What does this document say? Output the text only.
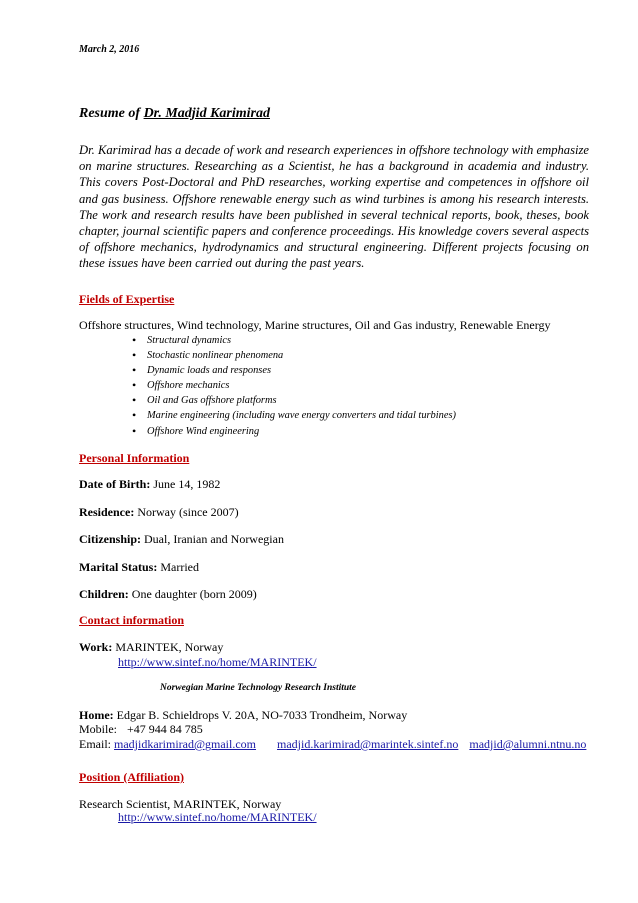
March 2, 2016
Resume of Dr. Madjid Karimirad
Dr. Karimirad has a decade of work and research experiences in offshore technology with emphasize on marine structures. Researching as a Scientist, he has a background in academia and industry. This covers Post-Doctoral and PhD researches, working expertise and competences in offshore oil and gas business. Offshore renewable energy such as wind turbines is among his research interests. The work and research results have been published in several technical reports, book, theses, book chapter, journal scientific papers and conference proceedings. His knowledge covers several aspects of offshore mechanics, hydrodynamics and structural engineering. Different projects focusing on these issues have been carried out during the past years.
Fields of Expertise
Offshore structures, Wind technology, Marine structures, Oil and Gas industry, Renewable Energy
• Structural dynamics
• Stochastic nonlinear phenomena
• Dynamic loads and responses
• Offshore mechanics
• Oil and Gas offshore platforms
• Marine engineering (including wave energy converters and tidal turbines)
• Offshore Wind engineering
Personal Information
Date of Birth: June 14, 1982
Residence: Norway (since 2007)
Citizenship: Dual, Iranian and Norwegian
Marital Status: Married
Children: One daughter (born 2009)
Contact information
Work: MARINTEK, Norway
http://www.sintef.no/home/MARINTEK/
Norwegian Marine Technology Research Institute
Home: Edgar B. Schieldrops V. 20A, NO-7033 Trondheim, Norway
Mobile: +47 944 84 785
Email: madjidkarimirad@gmail.com madjid.karimirad@marintek.sintef.no madjid@alumni.ntnu.no
Position (Affiliation)
Research Scientist, MARINTEK, Norway
http://www.sintef.no/home/MARINTEK/
